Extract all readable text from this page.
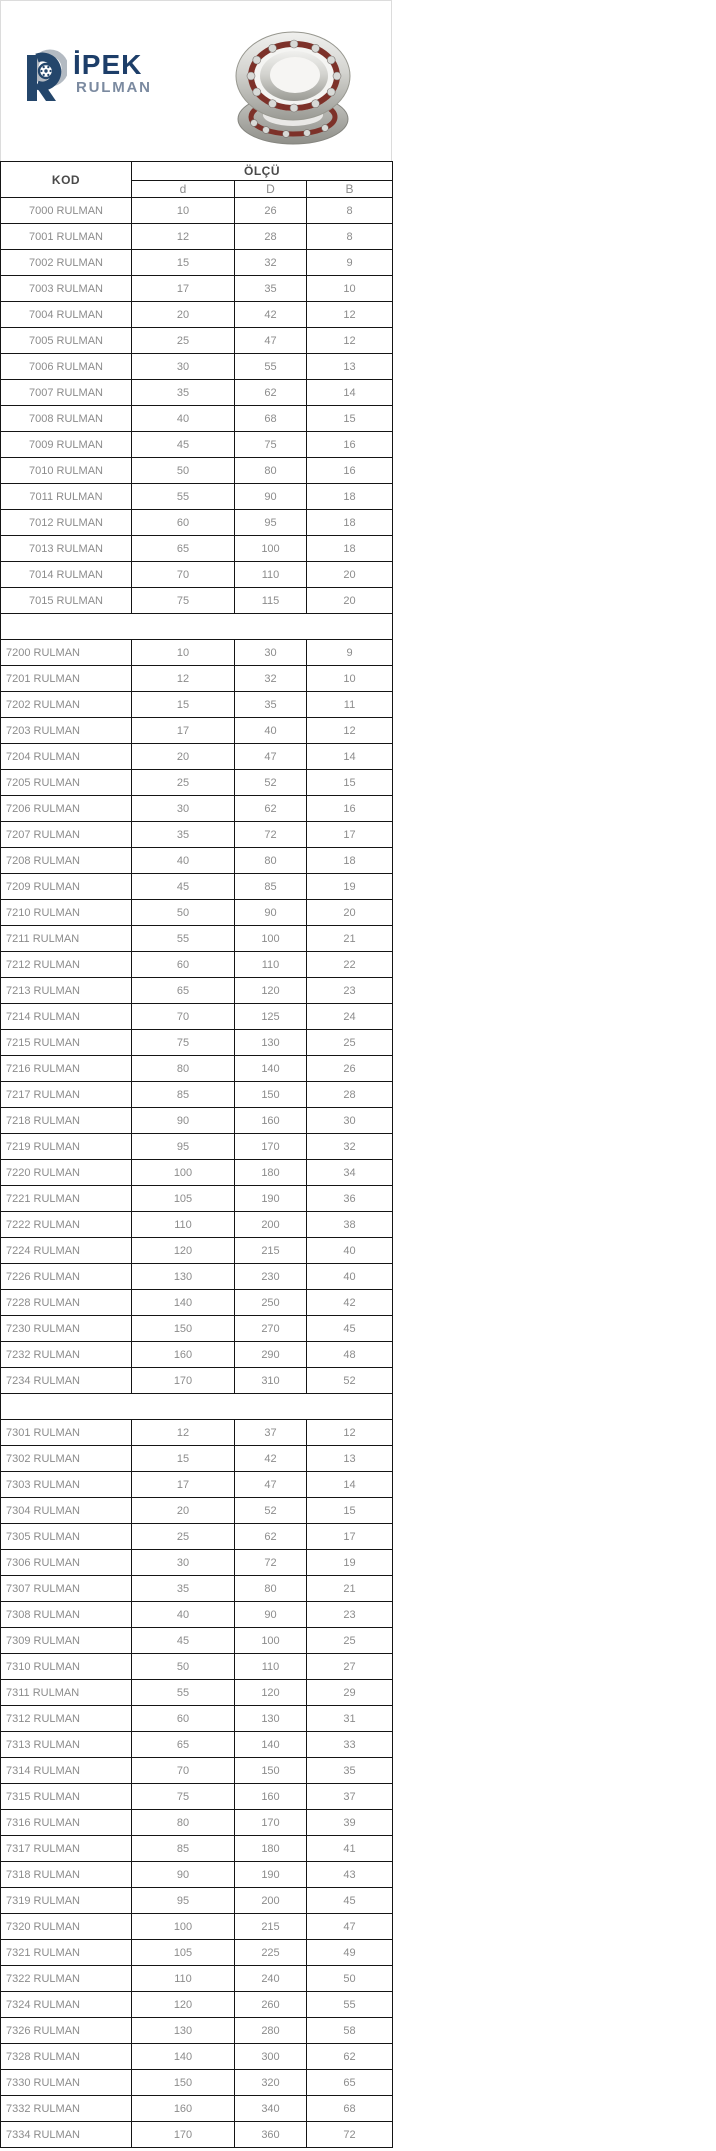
İPEK
RULMAN
KOD	ÖLÇÜ		
	d	D	B
7000 RULMAN	10	26	8
7001 RULMAN	12	28	8
7002 RULMAN	15	32	9
7003 RULMAN	17	35	10
7004 RULMAN	20	42	12
7005 RULMAN	25	47	12
7006 RULMAN	30	55	13
7007 RULMAN	35	62	14
7008 RULMAN	40	68	15
7009 RULMAN	45	75	16
7010 RULMAN	50	80	16
7011 RULMAN	55	90	18
7012 RULMAN	60	95	18
7013 RULMAN	65	100	18
7014 RULMAN	70	110	20
7015 RULMAN	75	115	20

7200 RULMAN	10	30	9
7201 RULMAN	12	32	10
7202 RULMAN	15	35	11
7203 RULMAN	17	40	12
7204 RULMAN	20	47	14
7205 RULMAN	25	52	15
7206 RULMAN	30	62	16
7207 RULMAN	35	72	17
7208 RULMAN	40	80	18
7209 RULMAN	45	85	19
7210 RULMAN	50	90	20
7211 RULMAN	55	100	21
7212 RULMAN	60	110	22
7213 RULMAN	65	120	23
7214 RULMAN	70	125	24
7215 RULMAN	75	130	25
7216 RULMAN	80	140	26
7217 RULMAN	85	150	28
7218 RULMAN	90	160	30
7219 RULMAN	95	170	32
7220 RULMAN	100	180	34
7221 RULMAN	105	190	36
7222 RULMAN	110	200	38
7224 RULMAN	120	215	40
7226 RULMAN	130	230	40
7228 RULMAN	140	250	42
7230 RULMAN	150	270	45
7232 RULMAN	160	290	48
7234 RULMAN	170	310	52

7301 RULMAN	12	37	12
7302 RULMAN	15	42	13
7303 RULMAN	17	47	14
7304 RULMAN	20	52	15
7305 RULMAN	25	62	17
7306 RULMAN	30	72	19
7307 RULMAN	35	80	21
7308 RULMAN	40	90	23
7309 RULMAN	45	100	25
7310 RULMAN	50	110	27
7311 RULMAN	55	120	29
7312 RULMAN	60	130	31
7313 RULMAN	65	140	33
7314 RULMAN	70	150	35
7315 RULMAN	75	160	37
7316 RULMAN	80	170	39
7317 RULMAN	85	180	41
7318 RULMAN	90	190	43
7319 RULMAN	95	200	45
7320 RULMAN	100	215	47
7321 RULMAN	105	225	49
7322 RULMAN	110	240	50
7324 RULMAN	120	260	55
7326 RULMAN	130	280	58
7328 RULMAN	140	300	62
7330 RULMAN	150	320	65
7332 RULMAN	160	340	68
7334 RULMAN	170	360	72
